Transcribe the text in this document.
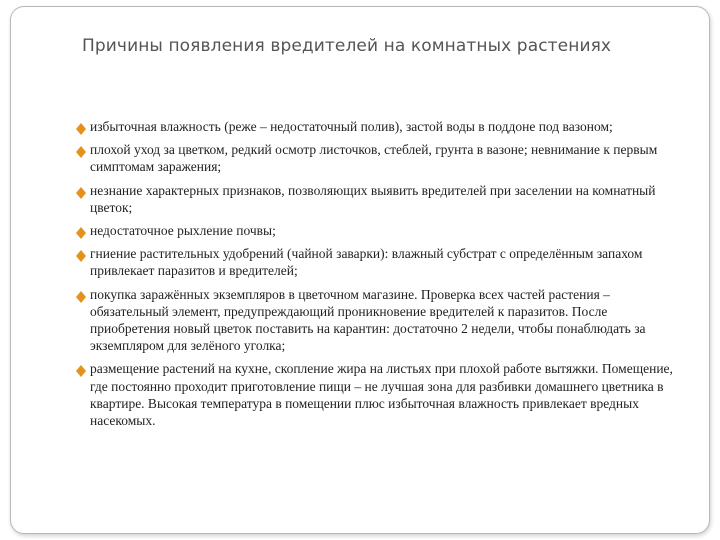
Причины появления вредителей на комнатных растениях
избыточная влажность (реже – недостаточный полив), застой воды в поддоне под вазоном;
плохой уход за цветком, редкий осмотр листочков, стеблей, грунта в вазоне; невнимание к первым симптомам заражения;
незнание характерных признаков, позволяющих выявить вредителей при заселении на комнатный цветок;
недостаточное рыхление почвы;
гниение растительных удобрений (чайной заварки): влажный субстрат с определённым запахом привлекает паразитов и вредителей;
покупка заражённых экземпляров в цветочном магазине. Проверка всех частей растения – обязательный элемент, предупреждающий проникновение вредителей к паразитов. После приобретения новый цветок поставить на карантин: достаточно 2 недели, чтобы понаблюдать за экземпляром для зелёного уголка;
размещение растений на кухне, скопление жира на листьях при плохой работе вытяжки. Помещение, где постоянно проходит приготовление пищи – не лучшая зона для разбивки домашнего цветника в квартире. Высокая температура в помещении плюс избыточная влажность привлекает вредных насекомых.
